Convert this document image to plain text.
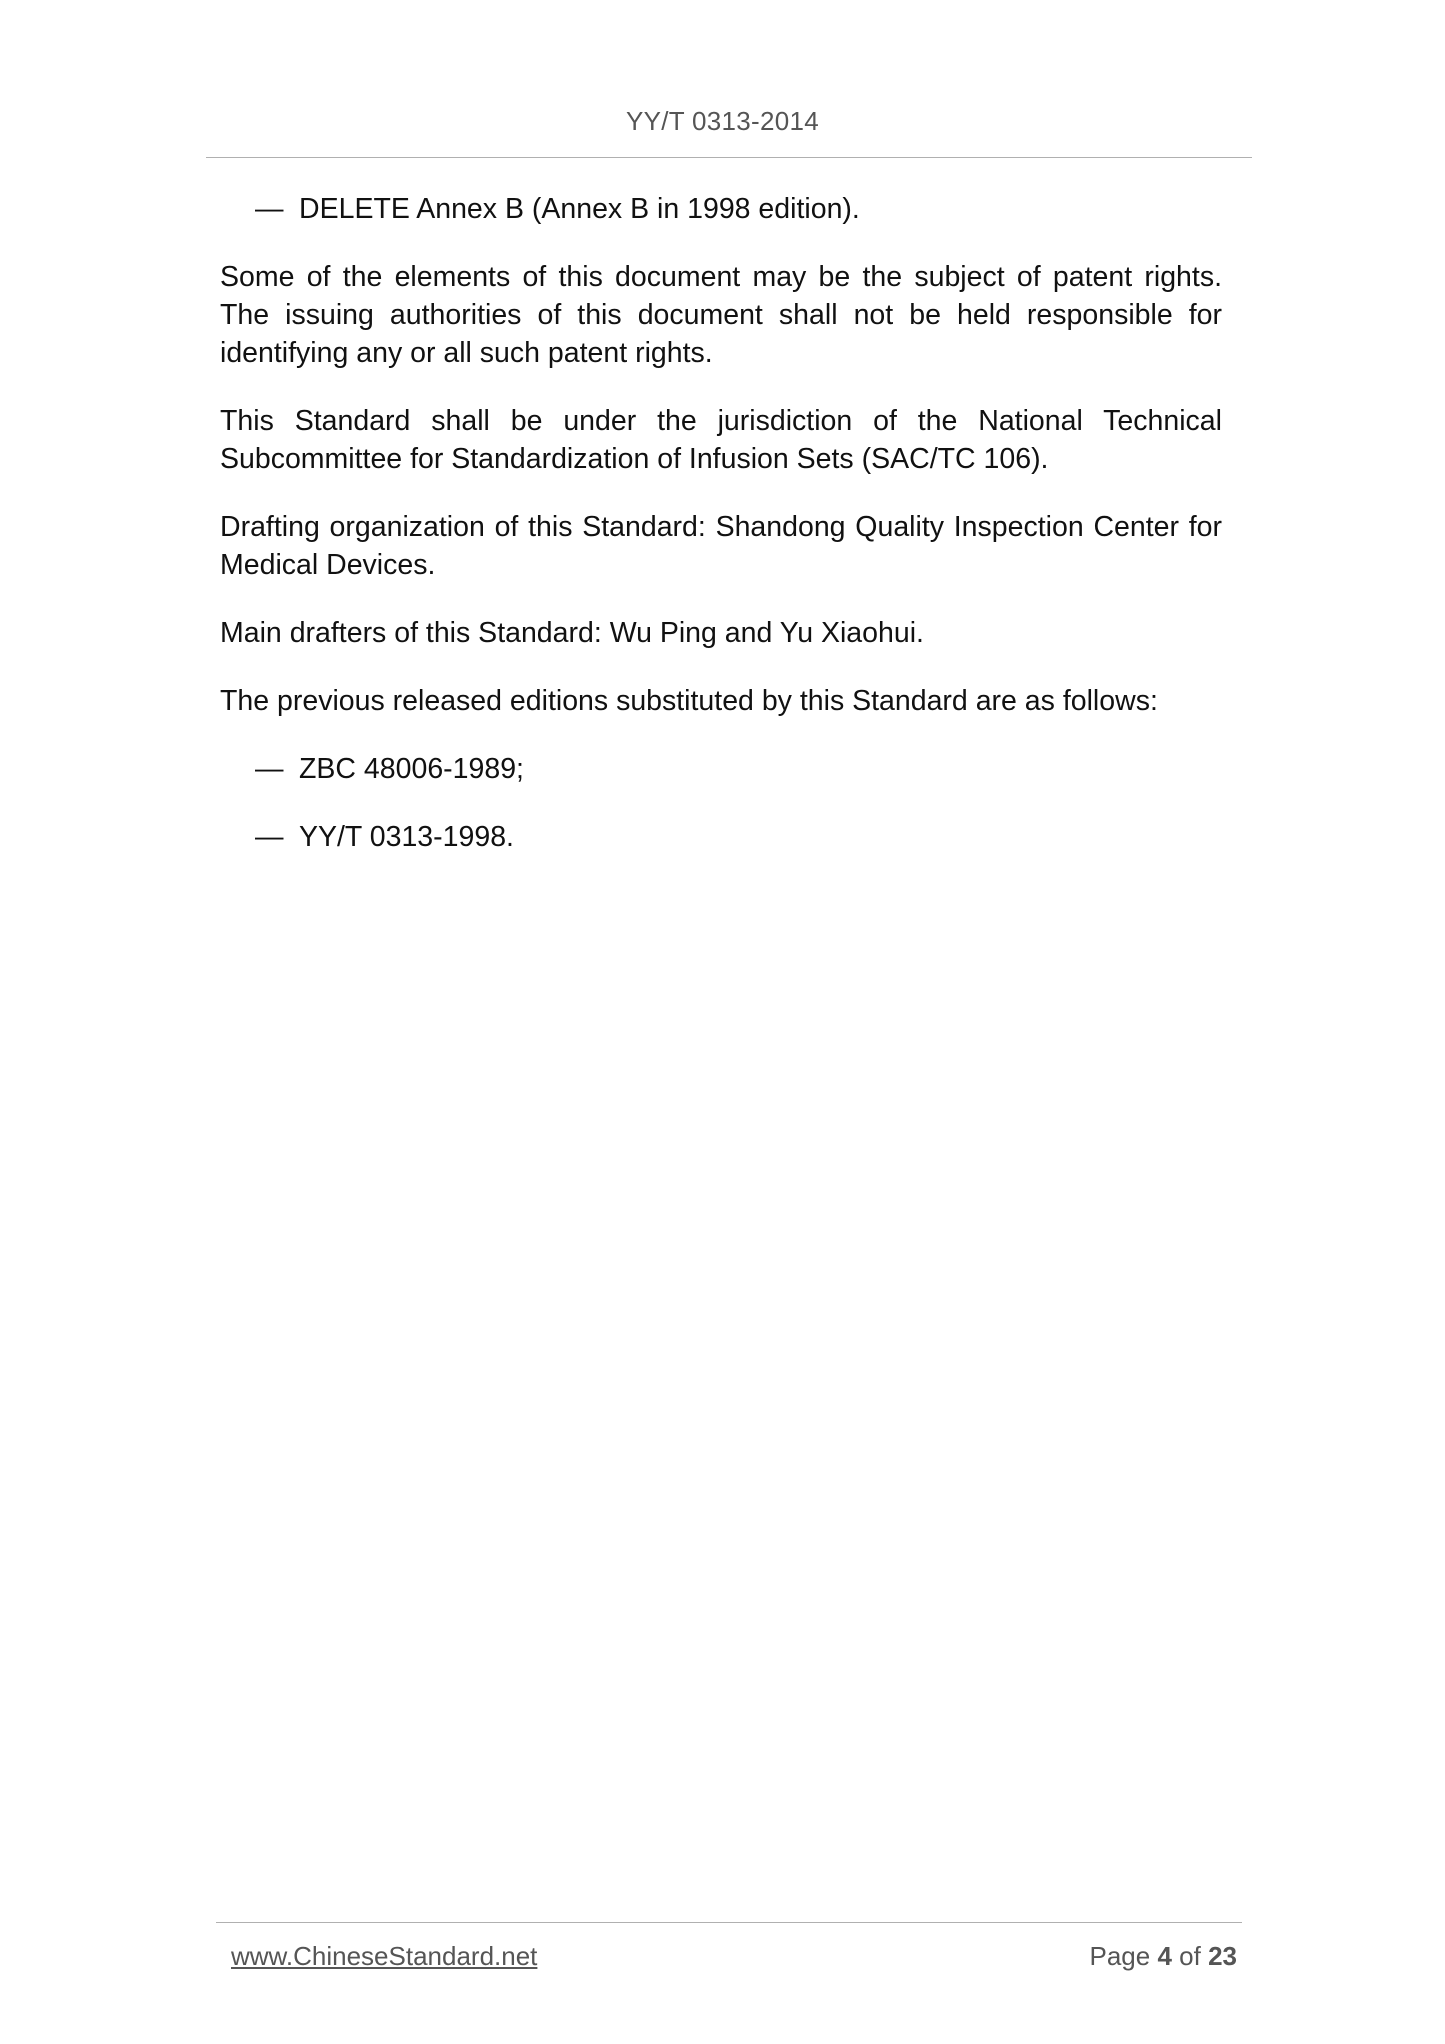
YY/T 0313-2014
— DELETE Annex B (Annex B in 1998 edition).

Some of the elements of this document may be the subject of patent rights. The issuing authorities of this document shall not be held responsible for identifying any or all such patent rights.

This Standard shall be under the jurisdiction of the National Technical Subcommittee for Standardization of Infusion Sets (SAC/TC 106).

Drafting organization of this Standard: Shandong Quality Inspection Center for Medical Devices.

Main drafters of this Standard: Wu Ping and Yu Xiaohui.

The previous released editions substituted by this Standard are as follows:

— ZBC 48006-1989;
— YY/T 0313-1998.
www.ChineseStandard.net	Page 4 of 23
